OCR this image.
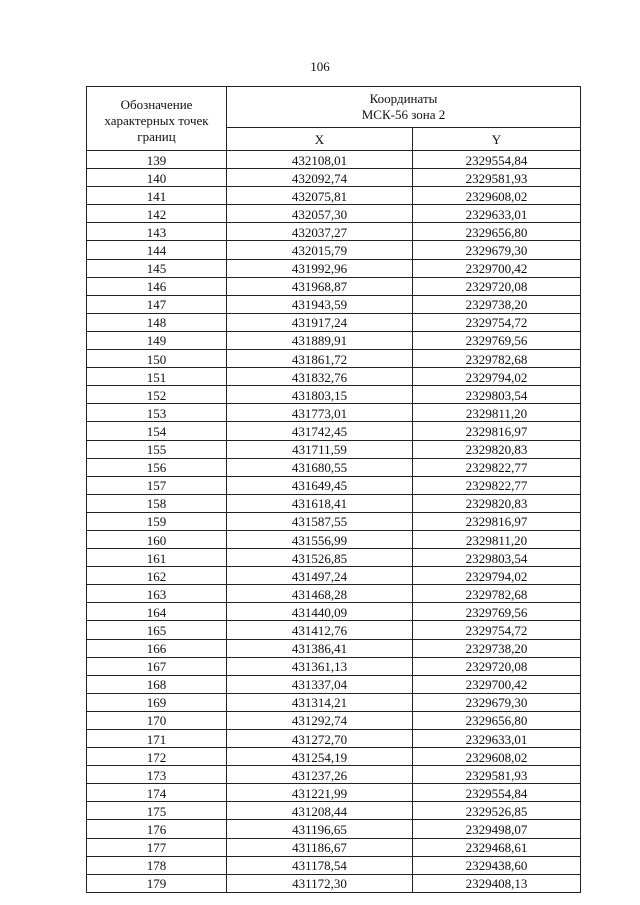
106
Обозначение характерных точек границ	Координаты
МСК-56 зона 2	

	X	Y
139	432108,01	2329554,84
140	432092,74	2329581,93
141	432075,81	2329608,02
142	432057,30	2329633,01
143	432037,27	2329656,80
144	432015,79	2329679,30
145	431992,96	2329700,42
146	431968,87	2329720,08
147	431943,59	2329738,20
148	431917,24	2329754,72
149	431889,91	2329769,56
150	431861,72	2329782,68
151	431832,76	2329794,02
152	431803,15	2329803,54
153	431773,01	2329811,20
154	431742,45	2329816,97
155	431711,59	2329820,83
156	431680,55	2329822,77
157	431649,45	2329822,77
158	431618,41	2329820,83
159	431587,55	2329816,97
160	431556,99	2329811,20
161	431526,85	2329803,54
162	431497,24	2329794,02
163	431468,28	2329782,68
164	431440,09	2329769,56
165	431412,76	2329754,72
166	431386,41	2329738,20
167	431361,13	2329720,08
168	431337,04	2329700,42
169	431314,21	2329679,30
170	431292,74	2329656,80
171	431272,70	2329633,01
172	431254,19	2329608,02
173	431237,26	2329581,93
174	431221,99	2329554,84
175	431208,44	2329526,85
176	431196,65	2329498,07
177	431186,67	2329468,61
178	431178,54	2329438,60
179	431172,30	2329408,13
